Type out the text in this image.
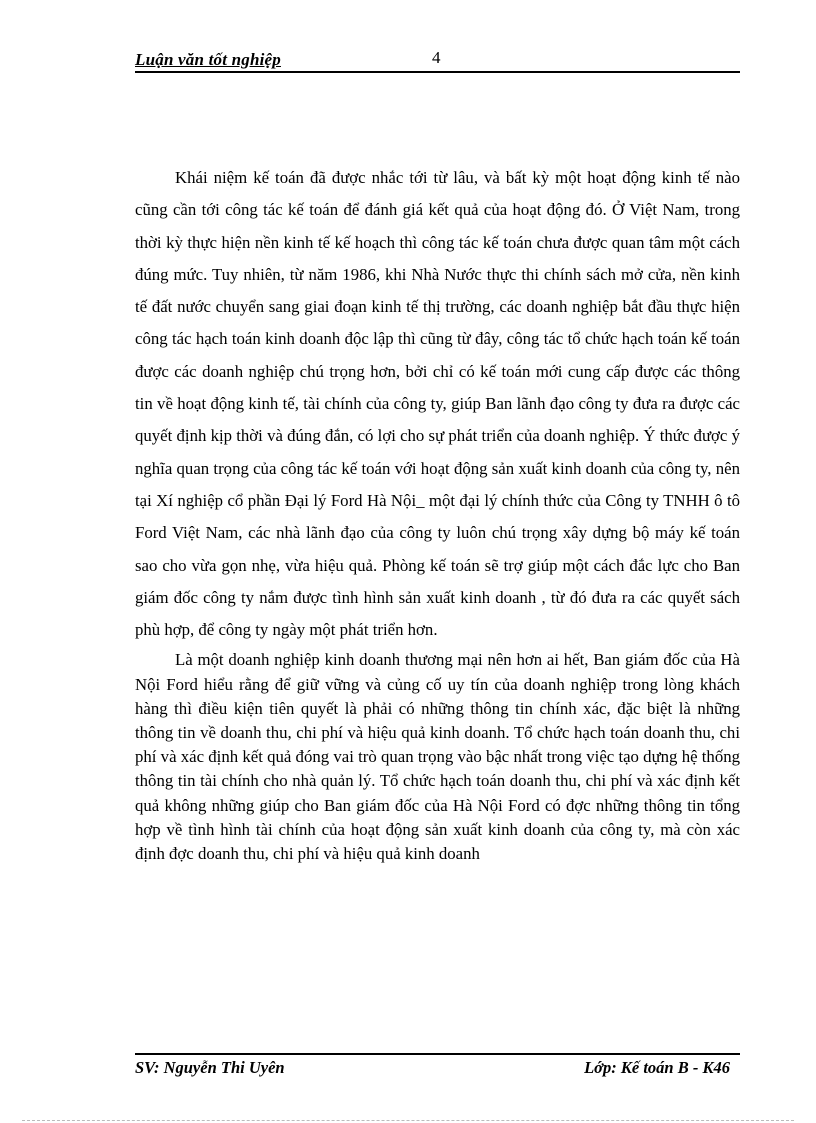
Luận văn tốt nghiệp	4

Khái niệm kế toán đã được nhắc tới từ lâu, và bất kỳ một hoạt động kinh tế nào cũng cần tới công tác kế toán để đánh giá kết quả của hoạt động đó. Ở Việt Nam, trong thời kỳ thực hiện nền kinh tế kế hoạch thì công tác kế toán chưa được quan tâm một cách đúng mức. Tuy nhiên, từ năm 1986, khi Nhà Nước thực thi chính sách mở cửa, nền kinh tế đất nước chuyển sang giai đoạn kinh tế thị trường, các doanh nghiệp bắt đầu thực hiện công tác hạch toán kinh doanh độc lập thì cũng từ đây, công tác tổ chức hạch toán kế toán được các doanh nghiệp chú trọng hơn, bởi chỉ có kế toán mới cung cấp được các thông tin về hoạt động kinh tế, tài chính của công ty, giúp Ban lãnh đạo công ty đưa ra được các quyết định kịp thời và đúng đắn, có lợi cho sự phát triển của doanh nghiệp. Ý thức được ý nghĩa quan trọng của công tác kế toán với hoạt động sản xuất kinh doanh của công ty, nên tại Xí nghiệp cổ phần Đại lý Ford Hà Nội_ một đại lý chính thức của Công ty TNHH ô tô Ford Việt Nam, các nhà lãnh đạo của công ty luôn chú trọng xây dựng bộ máy kế toán sao cho vừa gọn nhẹ, vừa hiệu quả. Phòng kế toán sẽ trợ giúp một cách đắc lực cho Ban giám đốc công ty nắm được tình hình sản xuất kinh doanh , từ đó đưa ra các quyết sách phù hợp, để công ty ngày một phát triển hơn.

Là một doanh nghiệp kinh doanh thương mại nên hơn ai hết, Ban giám đốc của Hà Nội Ford hiểu rằng để giữ vững và củng cố uy tín của doanh nghiệp trong lòng khách hàng thì điều kiện tiên quyết là phải có những thông tin chính xác, đặc biệt là những thông tin về doanh thu, chi phí và hiệu quả kinh doanh. Tổ chức hạch toán doanh thu, chi phí và xác định kết quả đóng vai trò quan trọng vào bậc nhất trong việc tạo dựng hệ thống thông tin tài chính cho nhà quản lý. Tổ chức hạch toán doanh thu, chi phí và xác định kết quả không những giúp cho Ban giám đốc của Hà Nội Ford có đợc những thông tin tổng hợp về tình hình tài chính của hoạt động sản xuất kinh doanh của công ty, mà còn xác định đợc doanh thu, chi phí và hiệu quả kinh doanh

SV: Nguyễn Thi Uyên	Lớp: Kế toán B - K46
